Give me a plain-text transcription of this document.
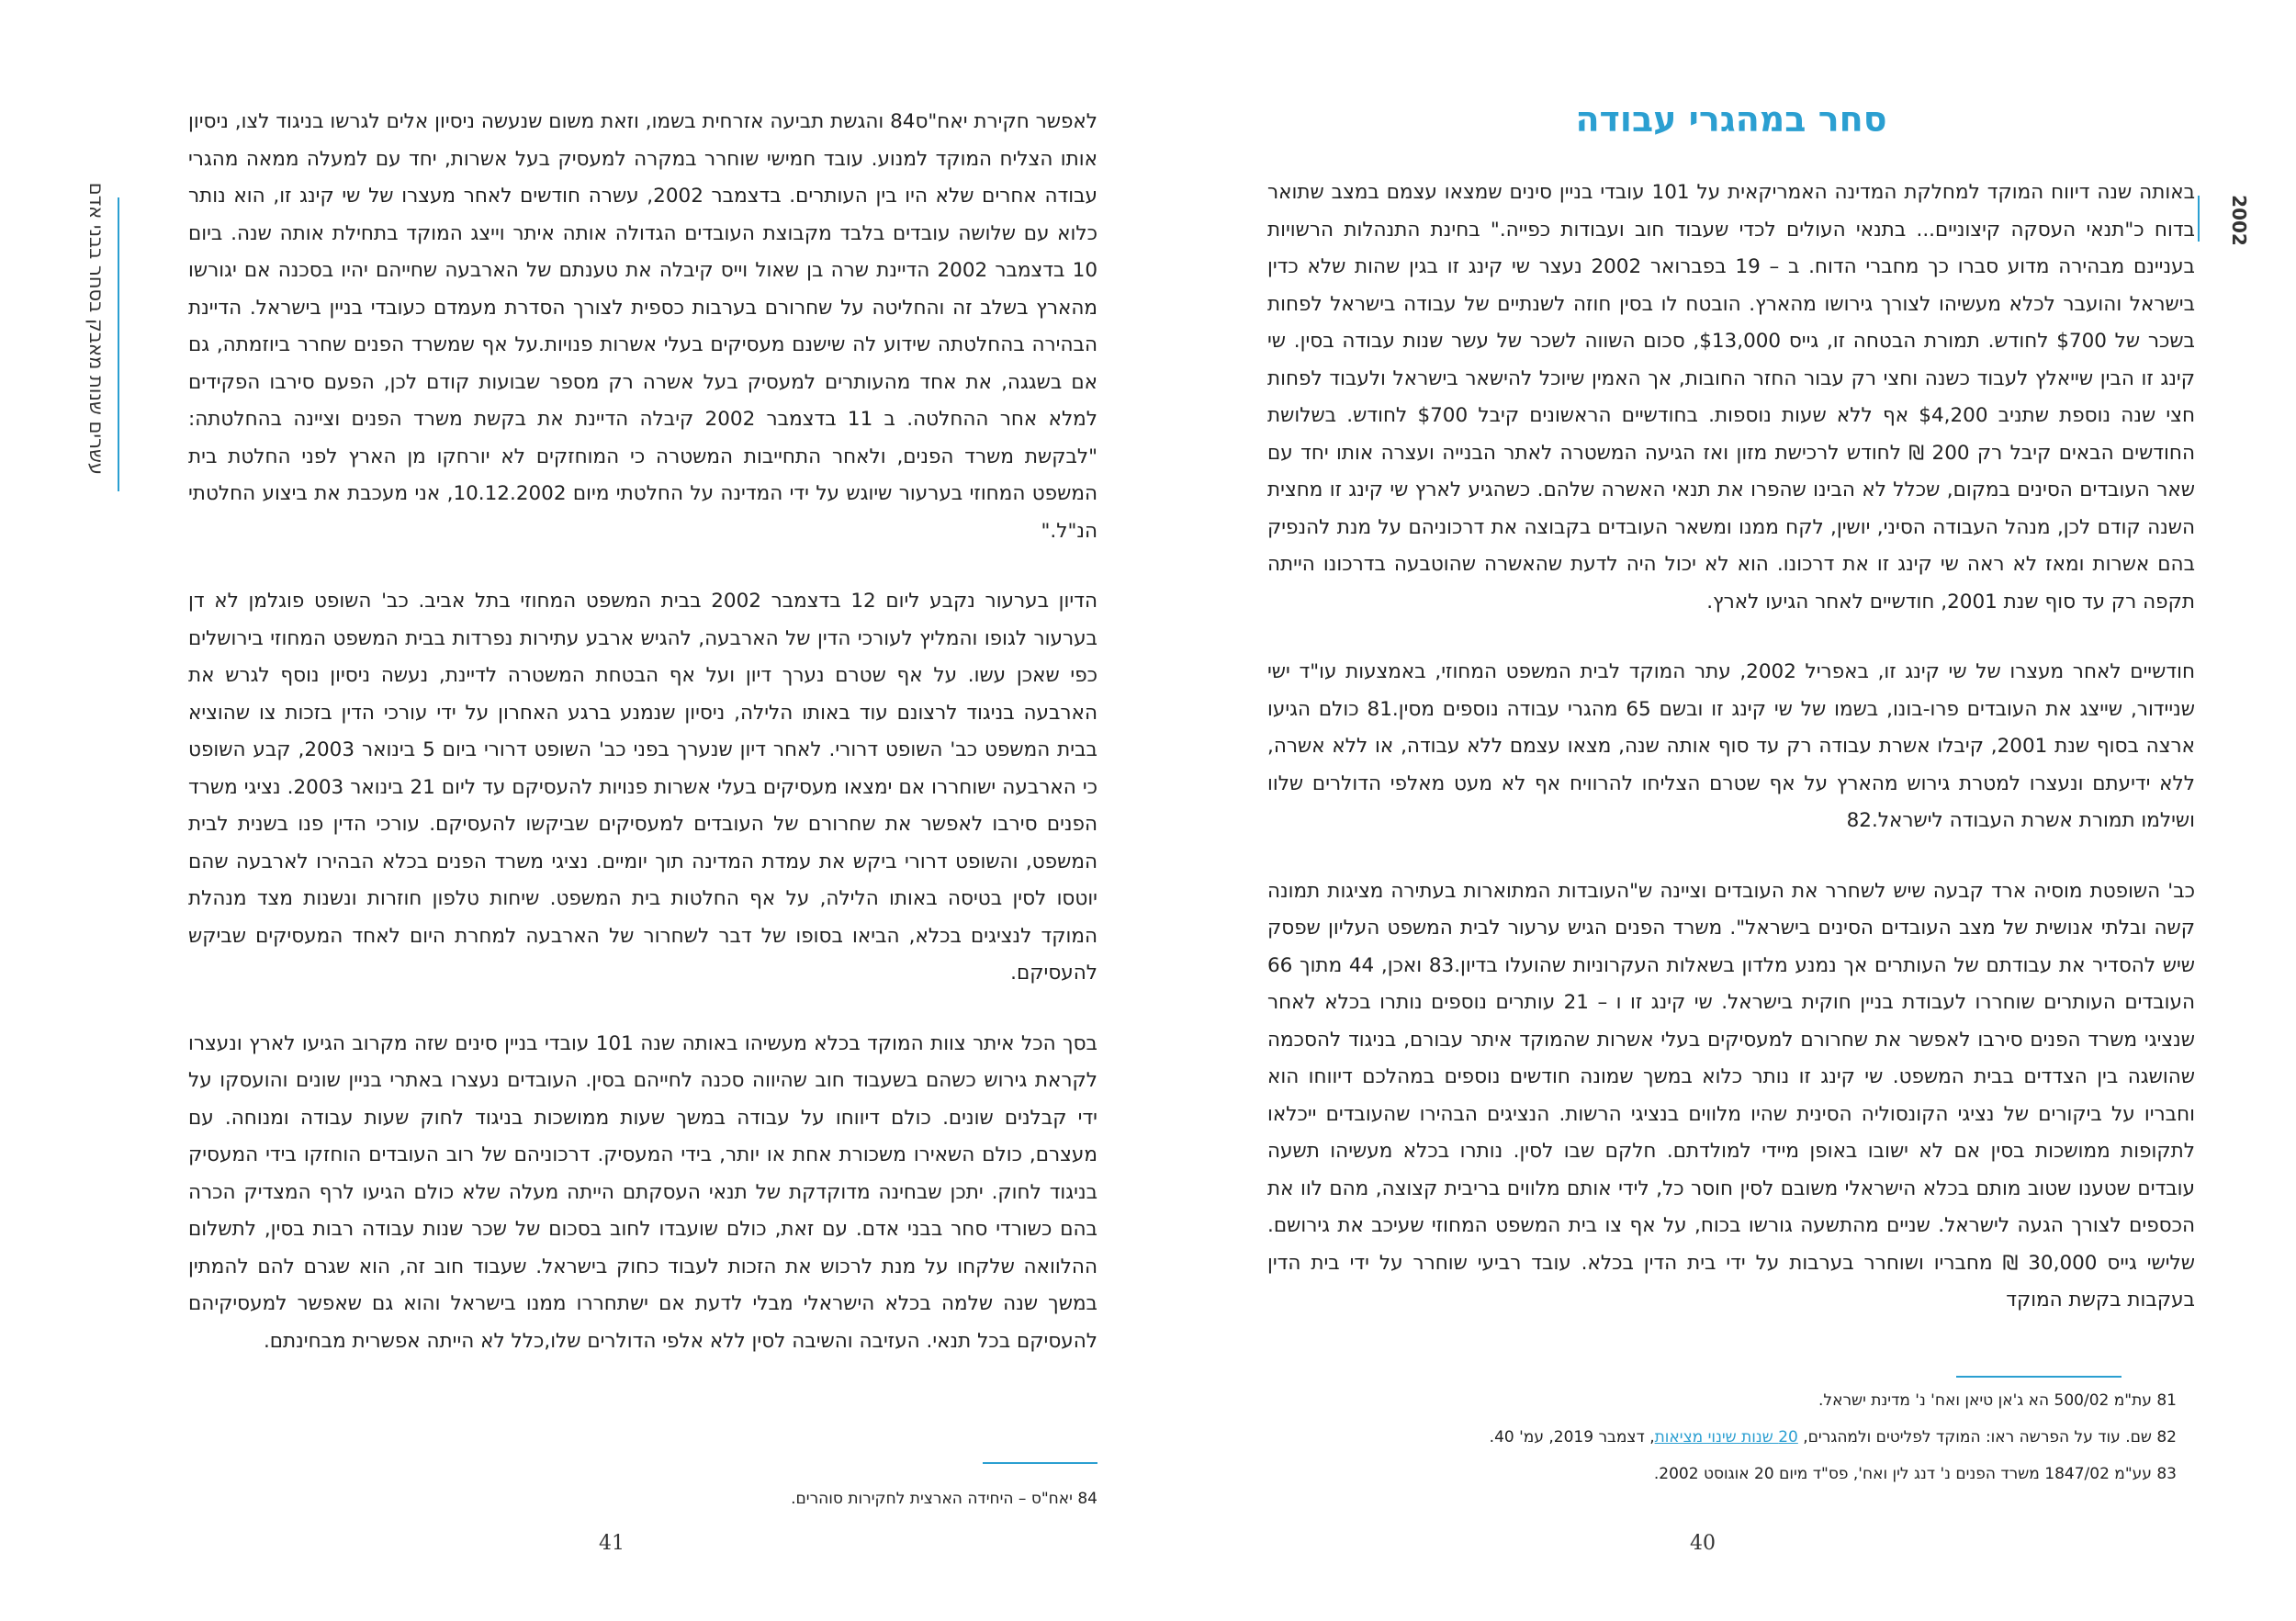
עשרים שנות מאבק בסחר בבני אדם

לאפשר חקירת יאח"ס84 והגשת תביעה אזרחית בשמו, וזאת משום שנעשה ניסיון אלים לגרשו בניגוד לצו, ניסיון אותו הצליח המוקד למנוע. עובד חמישי שוחרר במקרה למעסיק בעל אשרות, יחד עם למעלה ממאה מהגרי עבודה אחרים שלא היו בין העותרים. בדצמבר 2002, עשרה חודשים לאחר מעצרו של שי קינג זו, הוא נותר כלוא עם שלושה עובדים בלבד מקבוצת העובדים הגדולה אותה איתר וייצג המוקד בתחילת אותה שנה. ביום 10 בדצמבר 2002 הדיינת שרה בן שאול וייס קיבלה את טענתם של הארבעה שחייהם יהיו בסכנה אם יגורשו מהארץ בשלב זה והחליטה על שחרורם בערבות כספית לצורך הסדרת מעמדם כעובדי בניין בישראל. הדיינת הבהירה בהחלטתה שידוע לה שישנם מעסיקים בעלי אשרות פנויות.על אף שמשרד הפנים שחרר ביוזמתה, גם אם בשגגה, את אחד מהעותרים למעסיק בעל אשרה רק מספר שבועות קודם לכן, הפעם סירבו הפקידים למלא אחר ההחלטה. ב 11 בדצמבר 2002 קיבלה הדיינת את בקשת משרד הפנים וציינה בהחלטתה: "לבקשת משרד הפנים, ולאחר התחייבות המשטרה כי המוחזקים לא יורחקו מן הארץ לפני החלטת בית המשפט המחוזי בערעור שיוגש על ידי המדינה על החלטתי מיום 10.12.2002, אני מעכבת את ביצוע החלטתי הנ"ל."

הדיון בערעור נקבע ליום 12 בדצמבר 2002 בבית המשפט המחוזי בתל אביב. כב' השופט פוגלמן לא דן בערעור לגופו והמליץ לעורכי הדין של הארבעה, להגיש ארבע עתירות נפרדות בבית המשפט המחוזי בירושלים כפי שאכן עשו. על אף שטרם נערך דיון ועל אף הבטחת המשטרה לדיינת, נעשה ניסיון נוסף לגרש את הארבעה בניגוד לרצונם עוד באותו הלילה, ניסיון שנמנע ברגע האחרון על ידי עורכי הדין בזכות צו שהוציא בבית המשפט כב' השופט דרורי. לאחר דיון שנערך בפני כב' השופט דרורי ביום 5 בינואר 2003, קבע השופט כי הארבעה ישוחררו אם ימצאו מעסיקים בעלי אשרות פנויות להעסיקם עד ליום 21 בינואר 2003. נציגי משרד הפנים סירבו לאפשר את שחרורם של העובדים למעסיקים שביקשו להעסיקם. עורכי הדין פנו בשנית לבית המשפט, והשופט דרורי ביקש את עמדת המדינה תוך יומיים. נציגי משרד הפנים בכלא הבהירו לארבעה שהם יוטסו לסין בטיסה באותו הלילה, על אף החלטות בית המשפט. שיחות טלפון חוזרות ונשנות מצד מנהלת המוקד לנציגים בכלא, הביאו בסופו של דבר לשחרור של הארבעה למחרת היום לאחד המעסיקים שביקש להעסיקם.

בסך הכל איתר צוות המוקד בכלא מעשיהו באותה שנה 101 עובדי בניין סינים שזה מקרוב הגיעו לארץ ונעצרו לקראת גירוש כשהם בשעבוד חוב שהיווה סכנה לחייהם בסין. העובדים נעצרו באתרי בניין שונים והועסקו על ידי קבלנים שונים. כולם דיווחו על עבודה במשך שעות ממושכות בניגוד לחוק שעות עבודה ומנוחה. עם מעצרם, כולם השאירו משכורת אחת או יותר, בידי המעסיק. דרכוניהם של רוב העובדים הוחזקו בידי המעסיק בניגוד לחוק. יתכן שבחינה מדוקדקת של תנאי העסקתם הייתה מעלה שלא כולם הגיעו לרף המצדיק הכרה בהם כשורדי סחר בבני אדם. עם זאת, כולם שועבדו לחוב בסכום של שכר שנות עבודה רבות בסין, לתשלום ההלוואה שלקחו על מנת לרכוש את הזכות לעבוד כחוק בישראל. שעבוד חוב זה, הוא שגרם להם להמתין במשך שנה שלמה בכלא הישראלי מבלי לדעת אם ישתחררו ממנו בישראל והוא גם שאפשר למעסיקיהם להעסיקם בכל תנאי. העזיבה והשיבה לסין ללא אלפי הדולרים שלו,כלל לא הייתה אפשרית מבחינתם.

84 יאח"ס – היחידה הארצית לחקירות סוהרים.
41
סחר במהגרי עבודה
2002

באותה שנה דיווח המוקד למחלקת המדינה האמריקאית על 101 עובדי בניין סינים שמצאו עצמם במצב שתואר בדוח כ"תנאי העסקה קיצוניים... בתנאי העולים לכדי שעבוד חוב ועבודות כפייה." בחינת התנהלות הרשויות בעניינם מבהירה מדוע סברו כך מחברי הדוח. ב – 19 בפברואר 2002 נעצר שי קינג זו בגין שהות שלא כדין בישראל והועבר לכלא מעשיהו לצורך גירושו מהארץ. הובטח לו בסין חוזה לשנתיים של עבודה בישראל לפחות בשכר של $700 לחודש. תמורת הבטחה זו, גייס $13,000, סכום השווה לשכר של עשר שנות עבודה בסין. שי קינג זו הבין שייאלץ לעבוד כשנה וחצי רק עבור החזר החובות, אך האמין שיוכל להישאר בישראל ולעבוד לפחות חצי שנה נוספת שתניב $4,200 אף ללא שעות נוספות. בחודשיים הראשונים קיבל $700 לחודש. בשלושת החודשים הבאים קיבל רק 200 ₪ לחודש לרכישת מזון ואז הגיעה המשטרה לאתר הבנייה ועצרה אותו יחד עם שאר העובדים הסינים במקום, שכלל לא הבינו שהפרו את תנאי האשרה שלהם. כשהגיע לארץ שי קינג זו מחצית השנה קודם לכן, מנהל העבודה הסיני, יושין, לקח ממנו ומשאר העובדים בקבוצה את דרכוניהם על מנת להנפיק בהם אשרות ומאז לא ראה שי קינג זו את דרכונו. הוא לא יכול היה לדעת שהאשרה שהוטבעה בדרכונו הייתה תקפה רק עד סוף שנת 2001, חודשיים לאחר הגיעו לארץ.

חודשיים לאחר מעצרו של שי קינג זו, באפריל 2002, עתר המוקד לבית המשפט המחוזי, באמצעות עו"ד ישי שניידור, שייצג את העובדים פרו-בונו, בשמו של שי קינג זו ובשם 65 מהגרי עבודה נוספים מסין.81 כולם הגיעו ארצה בסוף שנת 2001, קיבלו אשרת עבודה רק עד סוף אותה שנה, מצאו עצמם ללא עבודה, או ללא אשרה, ללא ידיעתם ונעצרו למטרת גירוש מהארץ על אף שטרם הצליחו להרוויח אף לא מעט מאלפי הדולרים שלוו ושילמו תמורת אשרת העבודה לישראל.82

כב' השופטת מוסיה ארד קבעה שיש לשחרר את העובדים וציינה ש"העובדות המתוארות בעתירה מציגות תמונה קשה ובלתי אנושית של מצב העובדים הסינים בישראל". משרד הפנים הגיש ערעור לבית המשפט העליון שפסק שיש להסדיר את עבודתם של העותרים אך נמנע מלדון בשאלות העקרוניות שהועלו בדיון.83 ואכן, 44 מתוך 66 העובדים העותרים שוחררו לעבודת בניין חוקית בישראל. שי קינג זו ו – 21 עותרים נוספים נותרו בכלא לאחר שנציגי משרד הפנים סירבו לאפשר את שחרורם למעסיקים בעלי אשרות שהמוקד איתר עבורם, בניגוד להסכמה שהושגה בין הצדדים בבית המשפט. שי קינג זו נותר כלוא במשך שמונה חודשים נוספים במהלכם דיווחו הוא וחבריו על ביקורים של נציגי הקונסוליה הסינית שהיו מלווים בנציגי הרשות. הנציגים הבהירו שהעובדים ייכלאו לתקופות ממושכות בסין אם לא ישובו באופן מיידי למולדתם. חלקם שבו לסין. נותרו בכלא מעשיהו תשעה עובדים שטענו שטוב מותם בכלא הישראלי משובם לסין חוסר כל, לידי אותם מלווים בריבית קצוצה, מהם לוו את הכספים לצורך הגעה לישראל. שניים מהתשעה גורשו בכוח, על אף צו בית המשפט המחוזי שעיכב את גירושם. שלישי גייס 30,000 ₪ מחבריו ושוחרר בערבות על ידי בית הדין בכלא. עובד רביעי שוחרר על ידי בית הדין בעקבות בקשת המוקד

81 עת"מ 500/02 הא ג'אן טיאן ואח' נ' מדינת ישראל.
82 שם. עוד על הפרשה ראו: המוקד לפליטים ולמהגרים, 20 שנות שינוי מציאות, דצמבר 2019, עמ' 40.
83 עע"מ 1847/02 משרד הפנים נ' דנג לין ואח', פס"ד מיום 20 אוגוסט 2002.
40
